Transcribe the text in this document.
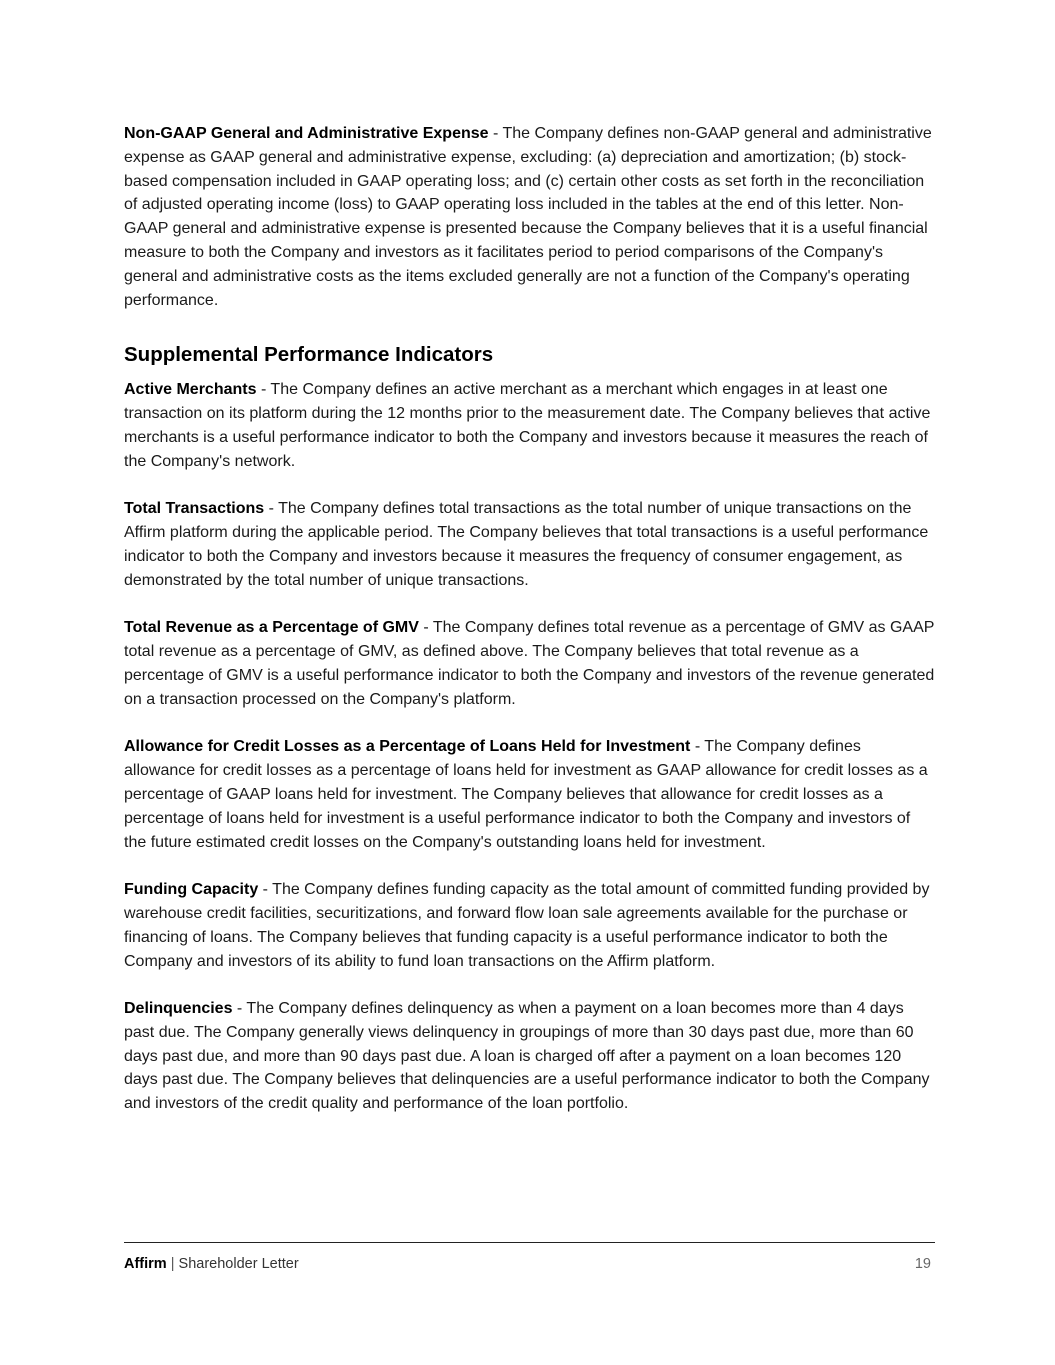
Non-GAAP General and Administrative Expense - The Company defines non-GAAP general and administrative expense as GAAP general and administrative expense, excluding: (a) depreciation and amortization; (b) stock-based compensation included in GAAP operating loss; and (c) certain other costs as set forth in the reconciliation of adjusted operating income (loss) to GAAP operating loss included in the tables at the end of this letter. Non-GAAP general and administrative expense is presented because the Company believes that it is a useful financial measure to both the Company and investors as it facilitates period to period comparisons of the Company's general and administrative costs as the items excluded generally are not a function of the Company's operating performance.

Supplemental Performance Indicators

Active Merchants - The Company defines an active merchant as a merchant which engages in at least one transaction on its platform during the 12 months prior to the measurement date. The Company believes that active merchants is a useful performance indicator to both the Company and investors because it measures the reach of the Company's network.

Total Transactions - The Company defines total transactions as the total number of unique transactions on the Affirm platform during the applicable period. The Company believes that total transactions is a useful performance indicator to both the Company and investors because it measures the frequency of consumer engagement, as demonstrated by the total number of unique transactions.

Total Revenue as a Percentage of GMV - The Company defines total revenue as a percentage of GMV as GAAP total revenue as a percentage of GMV, as defined above. The Company believes that total revenue as a percentage of GMV is a useful performance indicator to both the Company and investors of the revenue generated on a transaction processed on the Company's platform.

Allowance for Credit Losses as a Percentage of Loans Held for Investment - The Company defines allowance for credit losses as a percentage of loans held for investment as GAAP allowance for credit losses as a percentage of GAAP loans held for investment. The Company believes that allowance for credit losses as a percentage of loans held for investment is a useful performance indicator to both the Company and investors of the future estimated credit losses on the Company's outstanding loans held for investment.

Funding Capacity - The Company defines funding capacity as the total amount of committed funding provided by warehouse credit facilities, securitizations, and forward flow loan sale agreements available for the purchase or financing of loans. The Company believes that funding capacity is a useful performance indicator to both the Company and investors of its ability to fund loan transactions on the Affirm platform.

Delinquencies - The Company defines delinquency as when a payment on a loan becomes more than 4 days past due. The Company generally views delinquency in groupings of more than 30 days past due, more than 60 days past due, and more than 90 days past due. A loan is charged off after a payment on a loan becomes 120 days past due. The Company believes that delinquencies are a useful performance indicator to both the Company and investors of the credit quality and performance of the loan portfolio.

Affirm | Shareholder Letter	19
